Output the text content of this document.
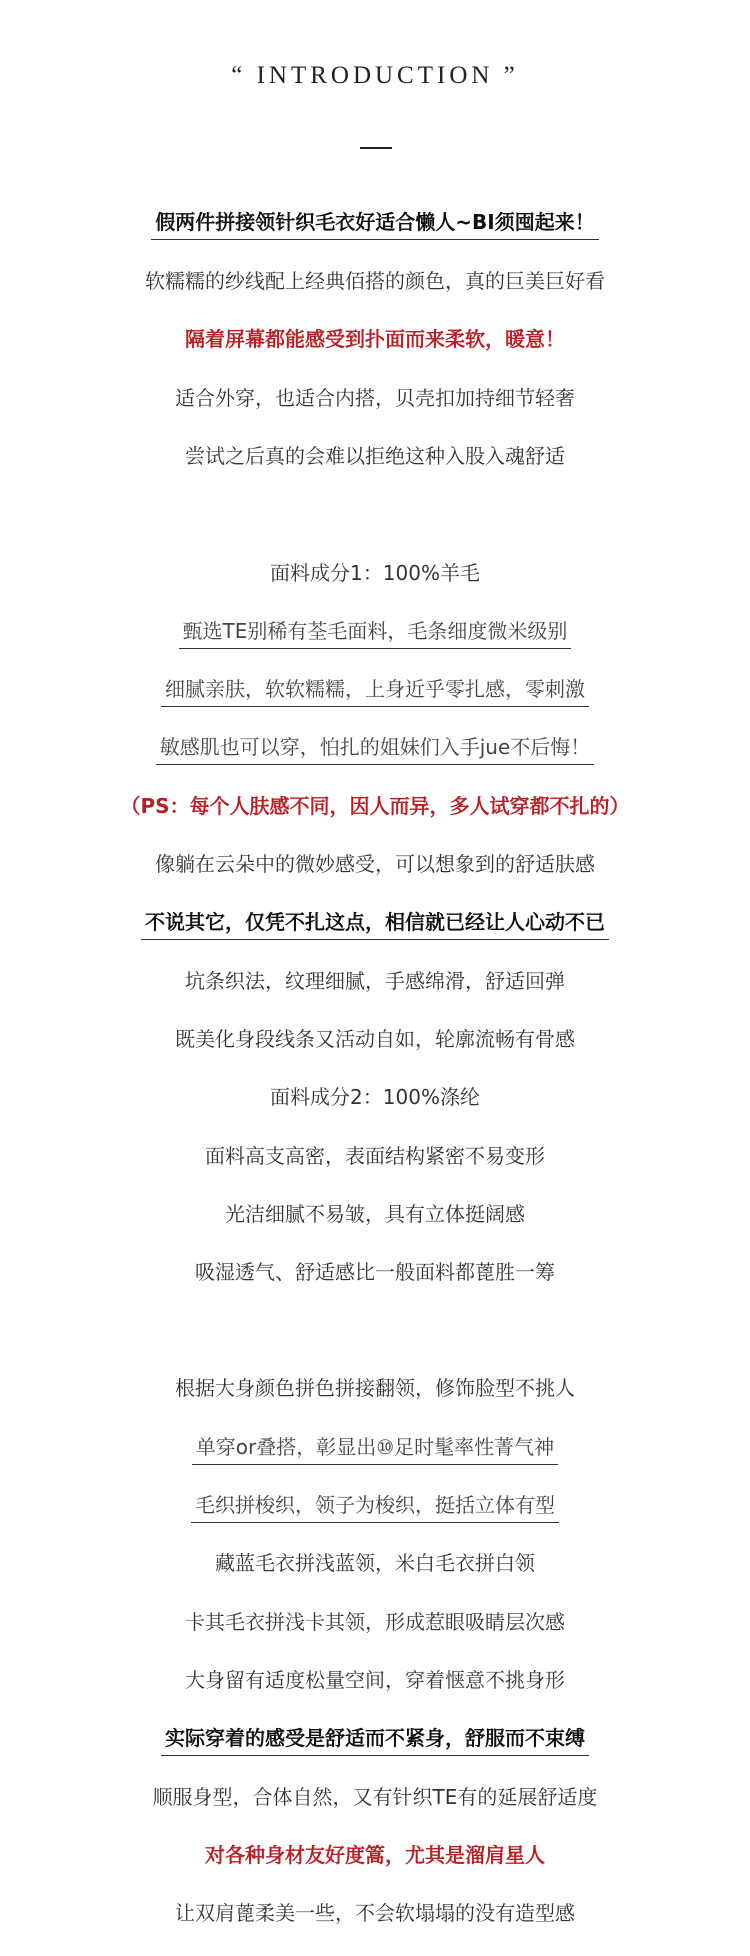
“ INTRODUCTION ”
假两件拼接领针织毛衣好适合懒人~BI须囤起来！
软糯糯的纱线配上经典佰搭的颜色，真的巨美巨好看
隔着屏幕都能感受到扑面而来柔软，暖意！
适合外穿，也适合内搭，贝壳扣加持细节轻奢
尝试之后真的会难以拒绝这种入股入魂舒适
面料成分1：100%羊毛
甄选TE别稀有荃毛面料，毛条细度微米级别
细腻亲肤，软软糯糯，上身近乎零扎感，零刺激
敏感肌也可以穿，怕扎的姐妹们入手jue不后悔！
（PS：每个人肤感不同，因人而异，多人试穿都不扎的）
像躺在云朵中的微妙感受，可以想象到的舒适肤感
不说其它，仅凭不扎这点，相信就已经让人心动不已
坑条织法，纹理细腻，手感绵滑，舒适回弹
既美化身段线条又活动自如，轮廓流畅有骨感
面料成分2：100%涤纶
面料高支高密，表面结构紧密不易变形
光洁细腻不易皱，具有立体挺阔感
吸湿透气、舒适感比一般面料都蓖胜一筹
根据大身颜色拼色拼接翻领，修饰脸型不挑人
单穿or叠搭，彰显出⑩足时髦率性菁气神
毛织拼梭织，领子为梭织，挺括立体有型
藏蓝毛衣拼浅蓝领，米白毛衣拼白领
卡其毛衣拼浅卡其领，形成惹眼吸睛层次感
大身留有适度松量空间，穿着惬意不挑身形
实际穿着的感受是舒适而不紧身，舒服而不束缚
顺服身型，合体自然，又有针织TE有的延展舒适度
对各种身材友好度篙，尤其是溜肩星人
让双肩蓖柔美一些，不会软塌塌的没有造型感
